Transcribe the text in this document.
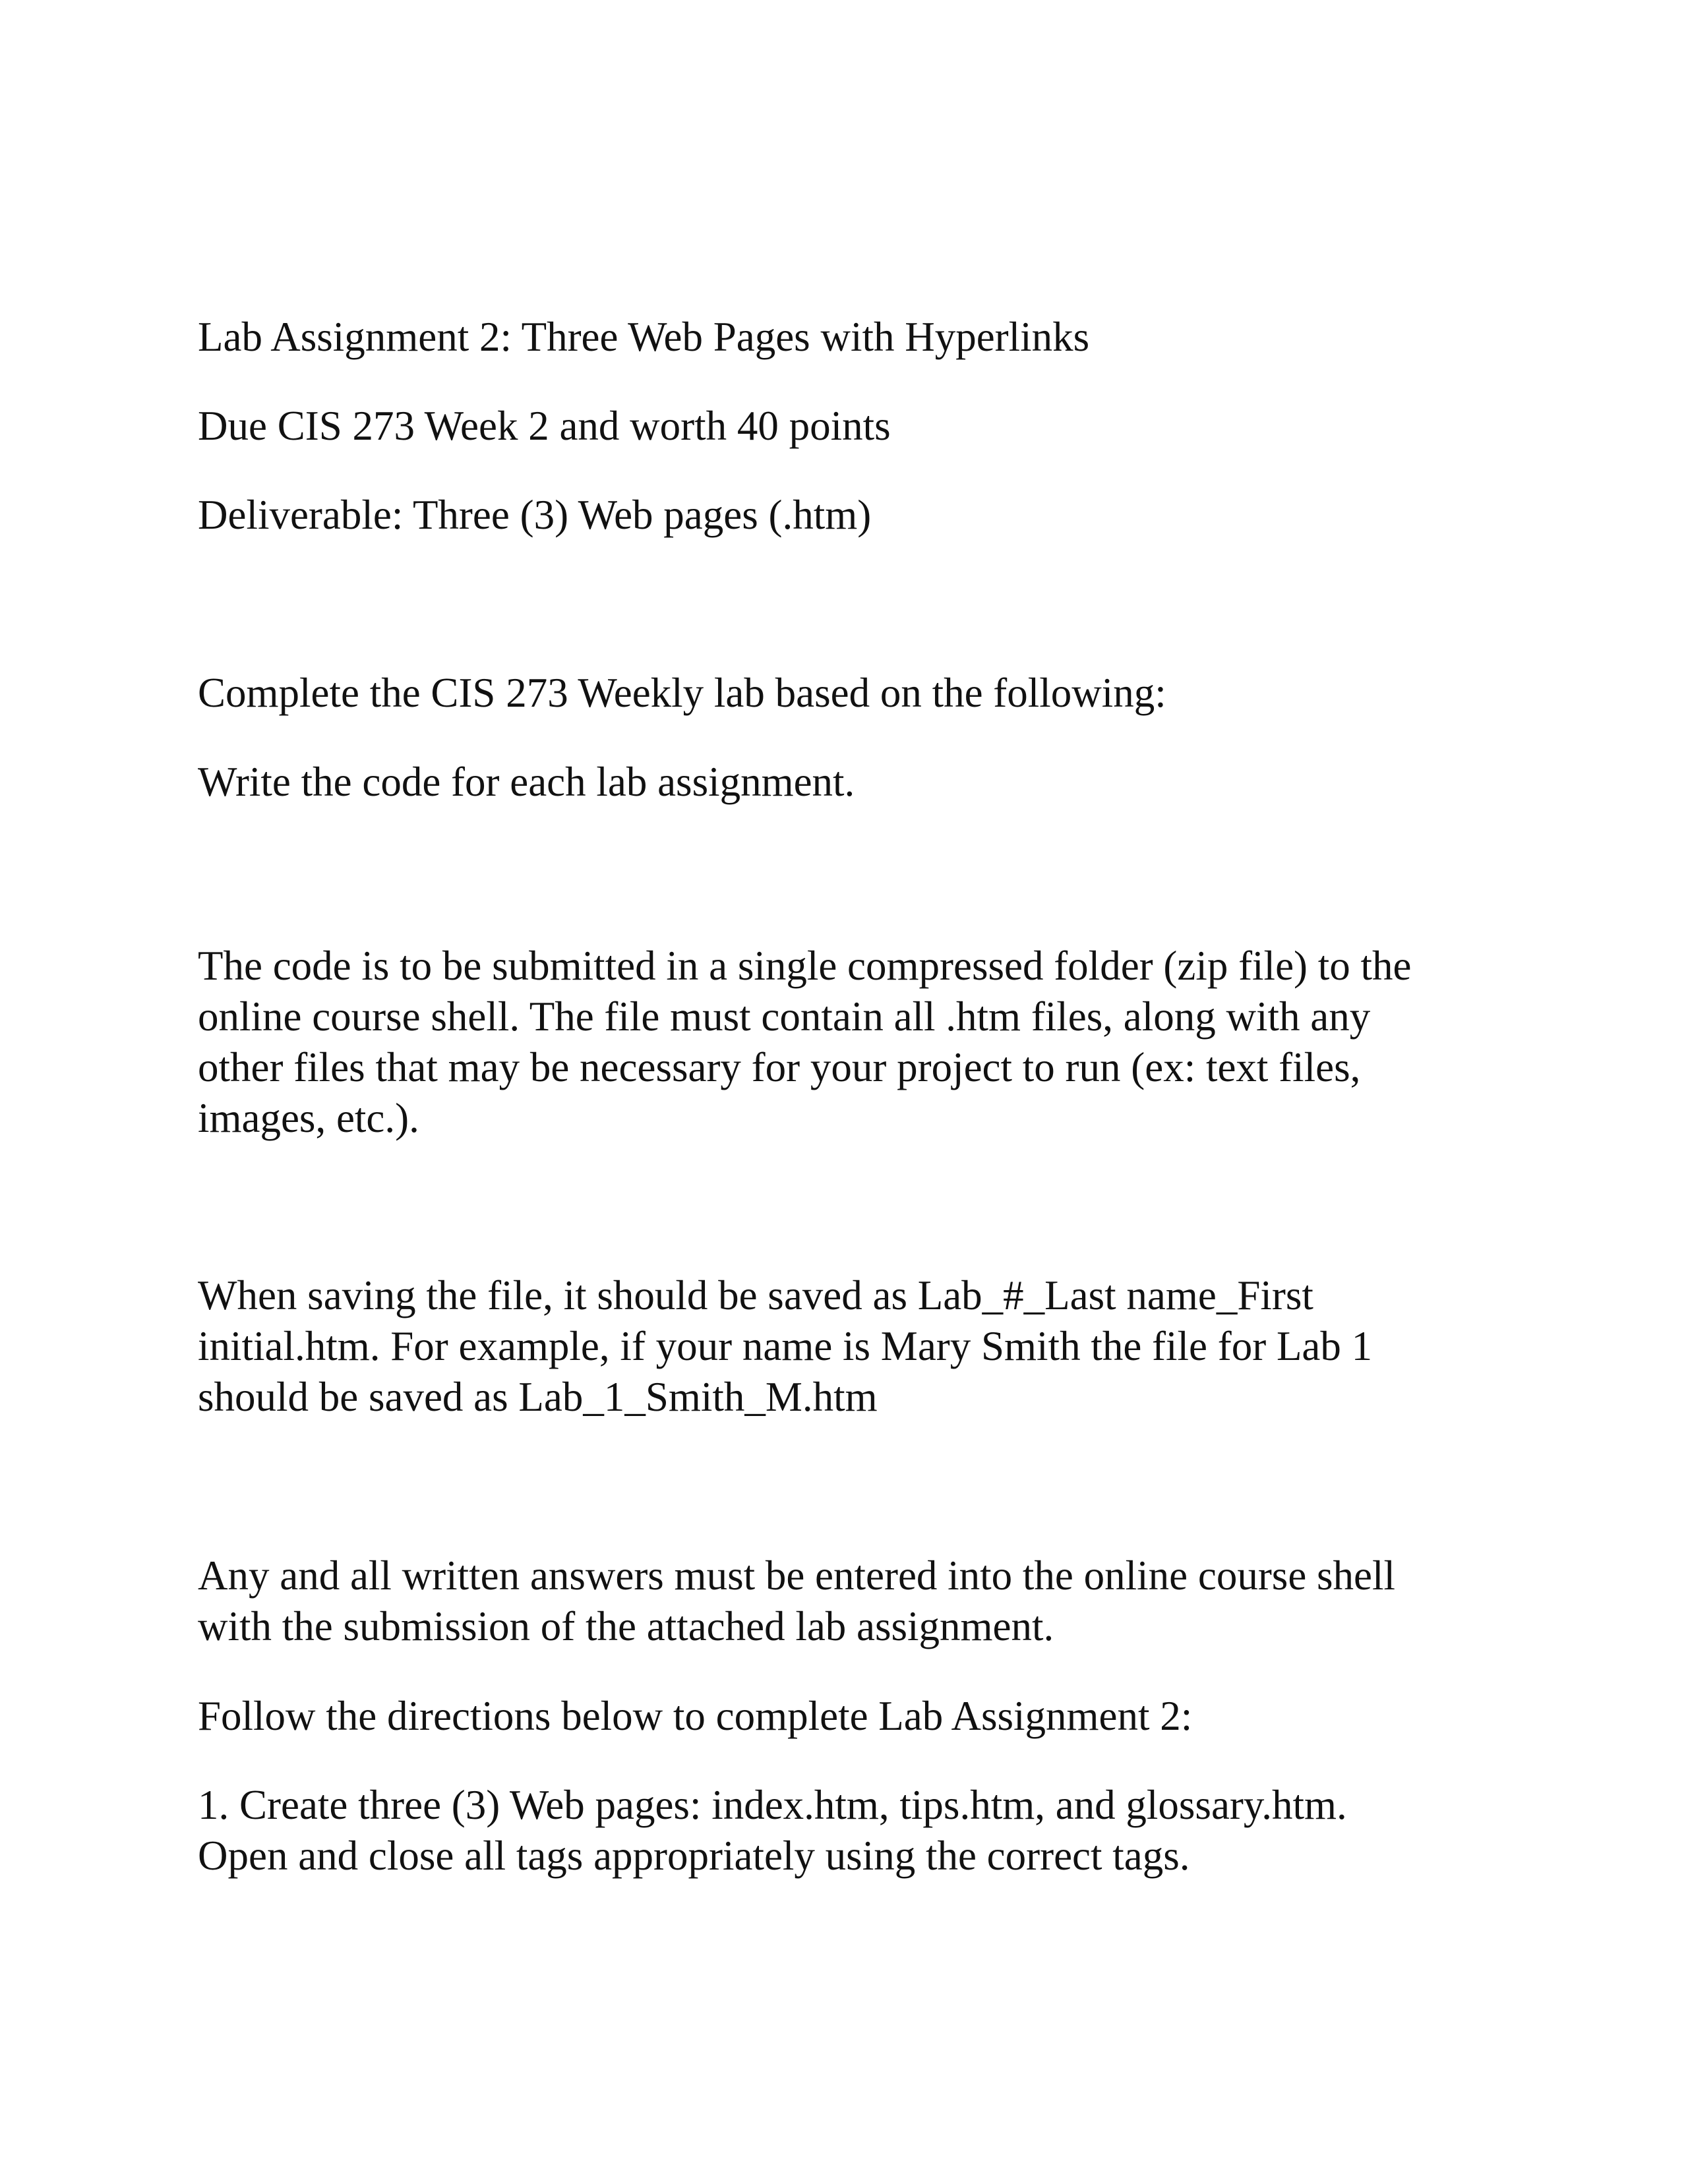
Lab Assignment 2: Three Web Pages with Hyperlinks
Due CIS 273 Week 2 and worth 40 points
Deliverable: Three (3) Web pages (.htm)
Complete the CIS 273 Weekly lab based on the following:
Write the code for each lab assignment.
The code is to be submitted in a single compressed folder (zip file) to the
online course shell. The file must contain all .htm files, along with any
other files that may be necessary for your project to run (ex: text files,
images, etc.).
When saving the file, it should be saved as Lab_#_Last name_First
initial.htm. For example, if your name is Mary Smith the file for Lab 1
should be saved as Lab_1_Smith_M.htm
Any and all written answers must be entered into the online course shell
with the submission of the attached lab assignment.
Follow the directions below to complete Lab Assignment 2:
1. Create three (3) Web pages: index.htm, tips.htm, and glossary.htm.
Open and close all tags appropriately using the correct tags.
